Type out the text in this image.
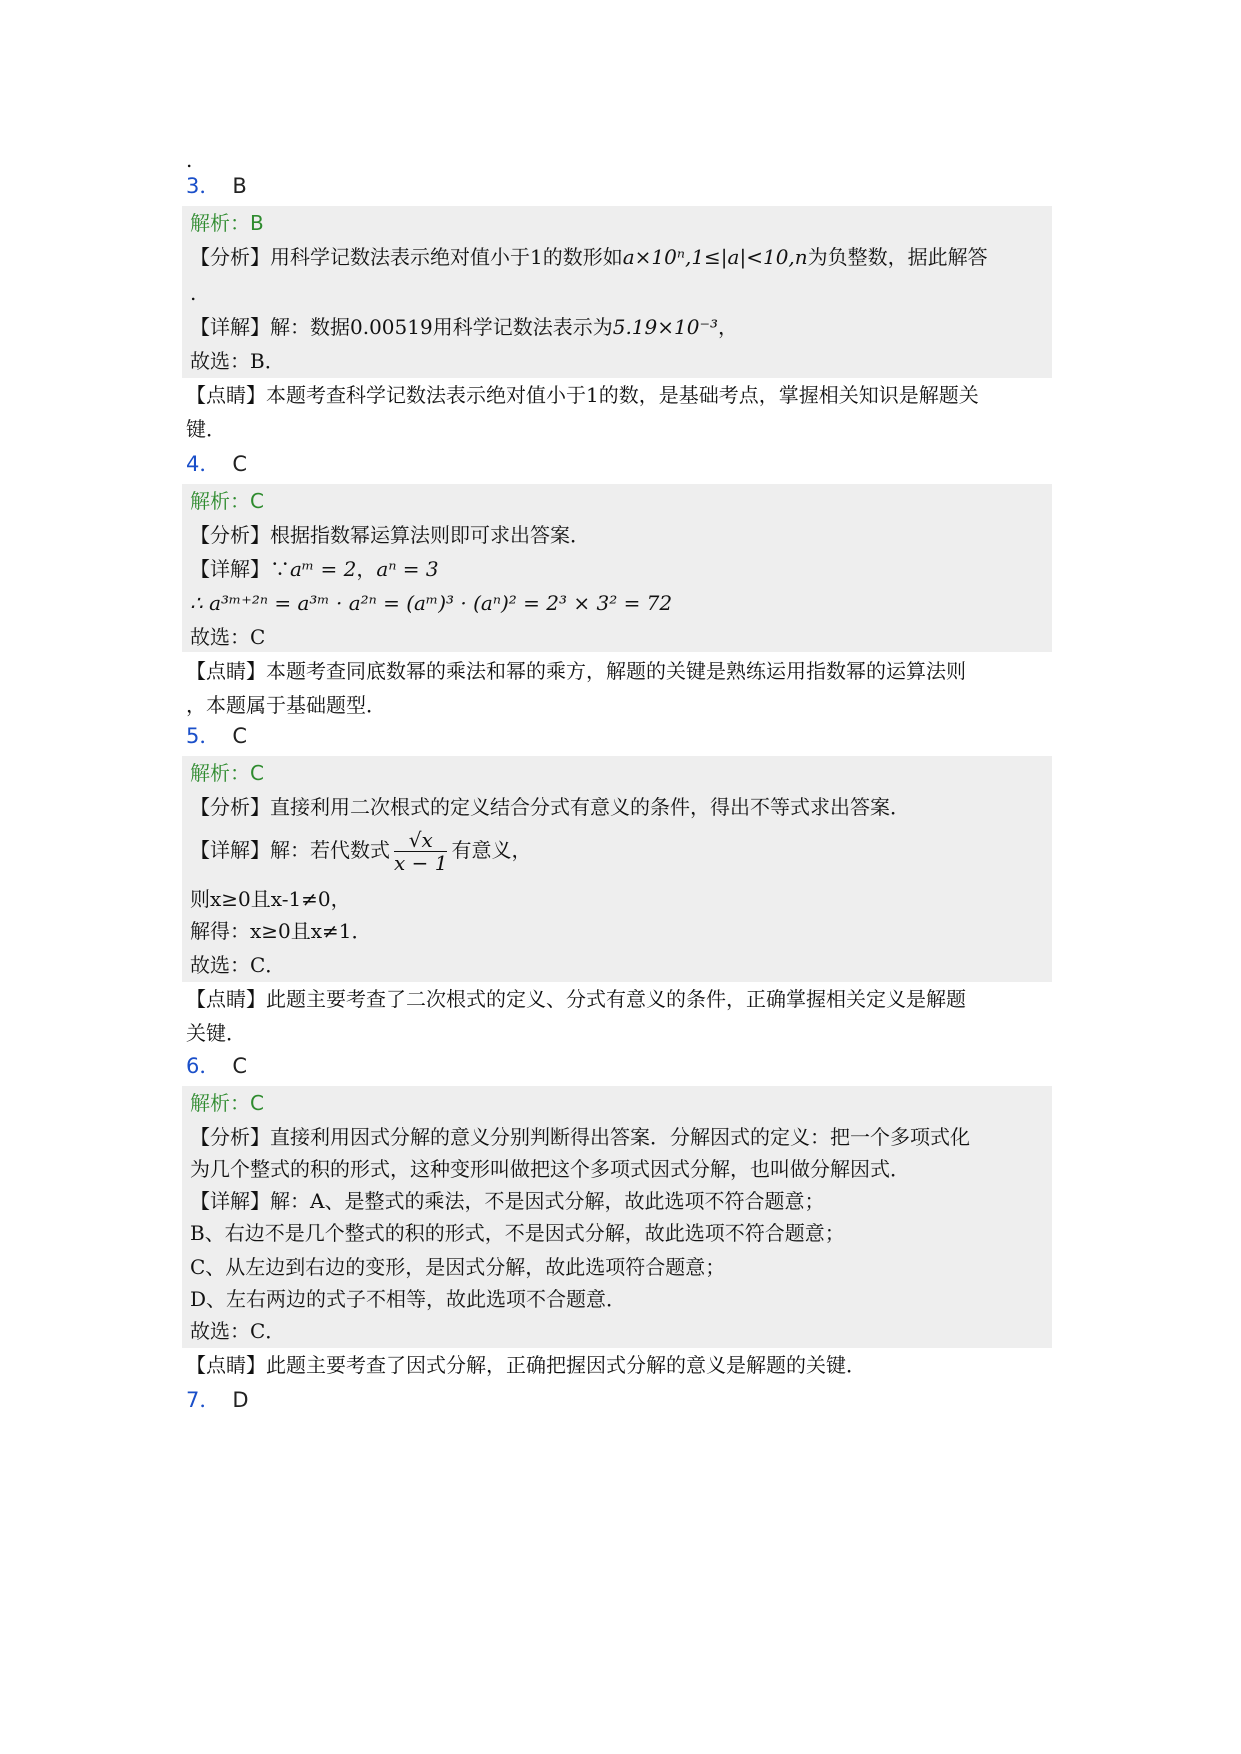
.
3． B
解析：B
【分析】用科学记数法表示绝对值小于1的数形如a×10ⁿ,1≤|a|<10,n为负整数，据此解答
.
【详解】解：数据0.00519用科学记数法表示为5.19×10⁻³，
故选：B．
【点睛】本题考查科学记数法表示绝对值小于1的数，是基础考点，掌握相关知识是解题关
键．
4． C
解析：C
【分析】根据指数幂运算法则即可求出答案．
【详解】∵aᵐ = 2，aⁿ = 3
∴ a³ᵐ⁺²ⁿ = a³ᵐ · a²ⁿ = (aᵐ)³ · (aⁿ)² = 2³ × 3² = 72
故选：C
【点睛】本题考查同底数幂的乘法和幂的乘方，解题的关键是熟练运用指数幂的运算法则
，本题属于基础题型．
5． C
解析：C
【分析】直接利用二次根式的定义结合分式有意义的条件，得出不等式求出答案．
【详解】解：若代数式 $\frac{√x}{x - 1}$ 有意义，
则x≥0且x-1≠0，
解得：x≥0且x≠1．
故选：C．
【点睛】此题主要考查了二次根式的定义、分式有意义的条件，正确掌握相关定义是解题
关键．
6． C
解析：C
【分析】直接利用因式分解的意义分别判断得出答案．分解因式的定义：把一个多项式化
为几个整式的积的形式，这种变形叫做把这个多项式因式分解，也叫做分解因式．
【详解】解：A、是整式的乘法，不是因式分解，故此选项不符合题意；
B、右边不是几个整式的积的形式，不是因式分解，故此选项不符合题意；
C、从左边到右边的变形，是因式分解，故此选项符合题意；
D、左右两边的式子不相等，故此选项不合题意．
故选：C．
【点睛】此题主要考查了因式分解，正确把握因式分解的意义是解题的关键．
7． D
